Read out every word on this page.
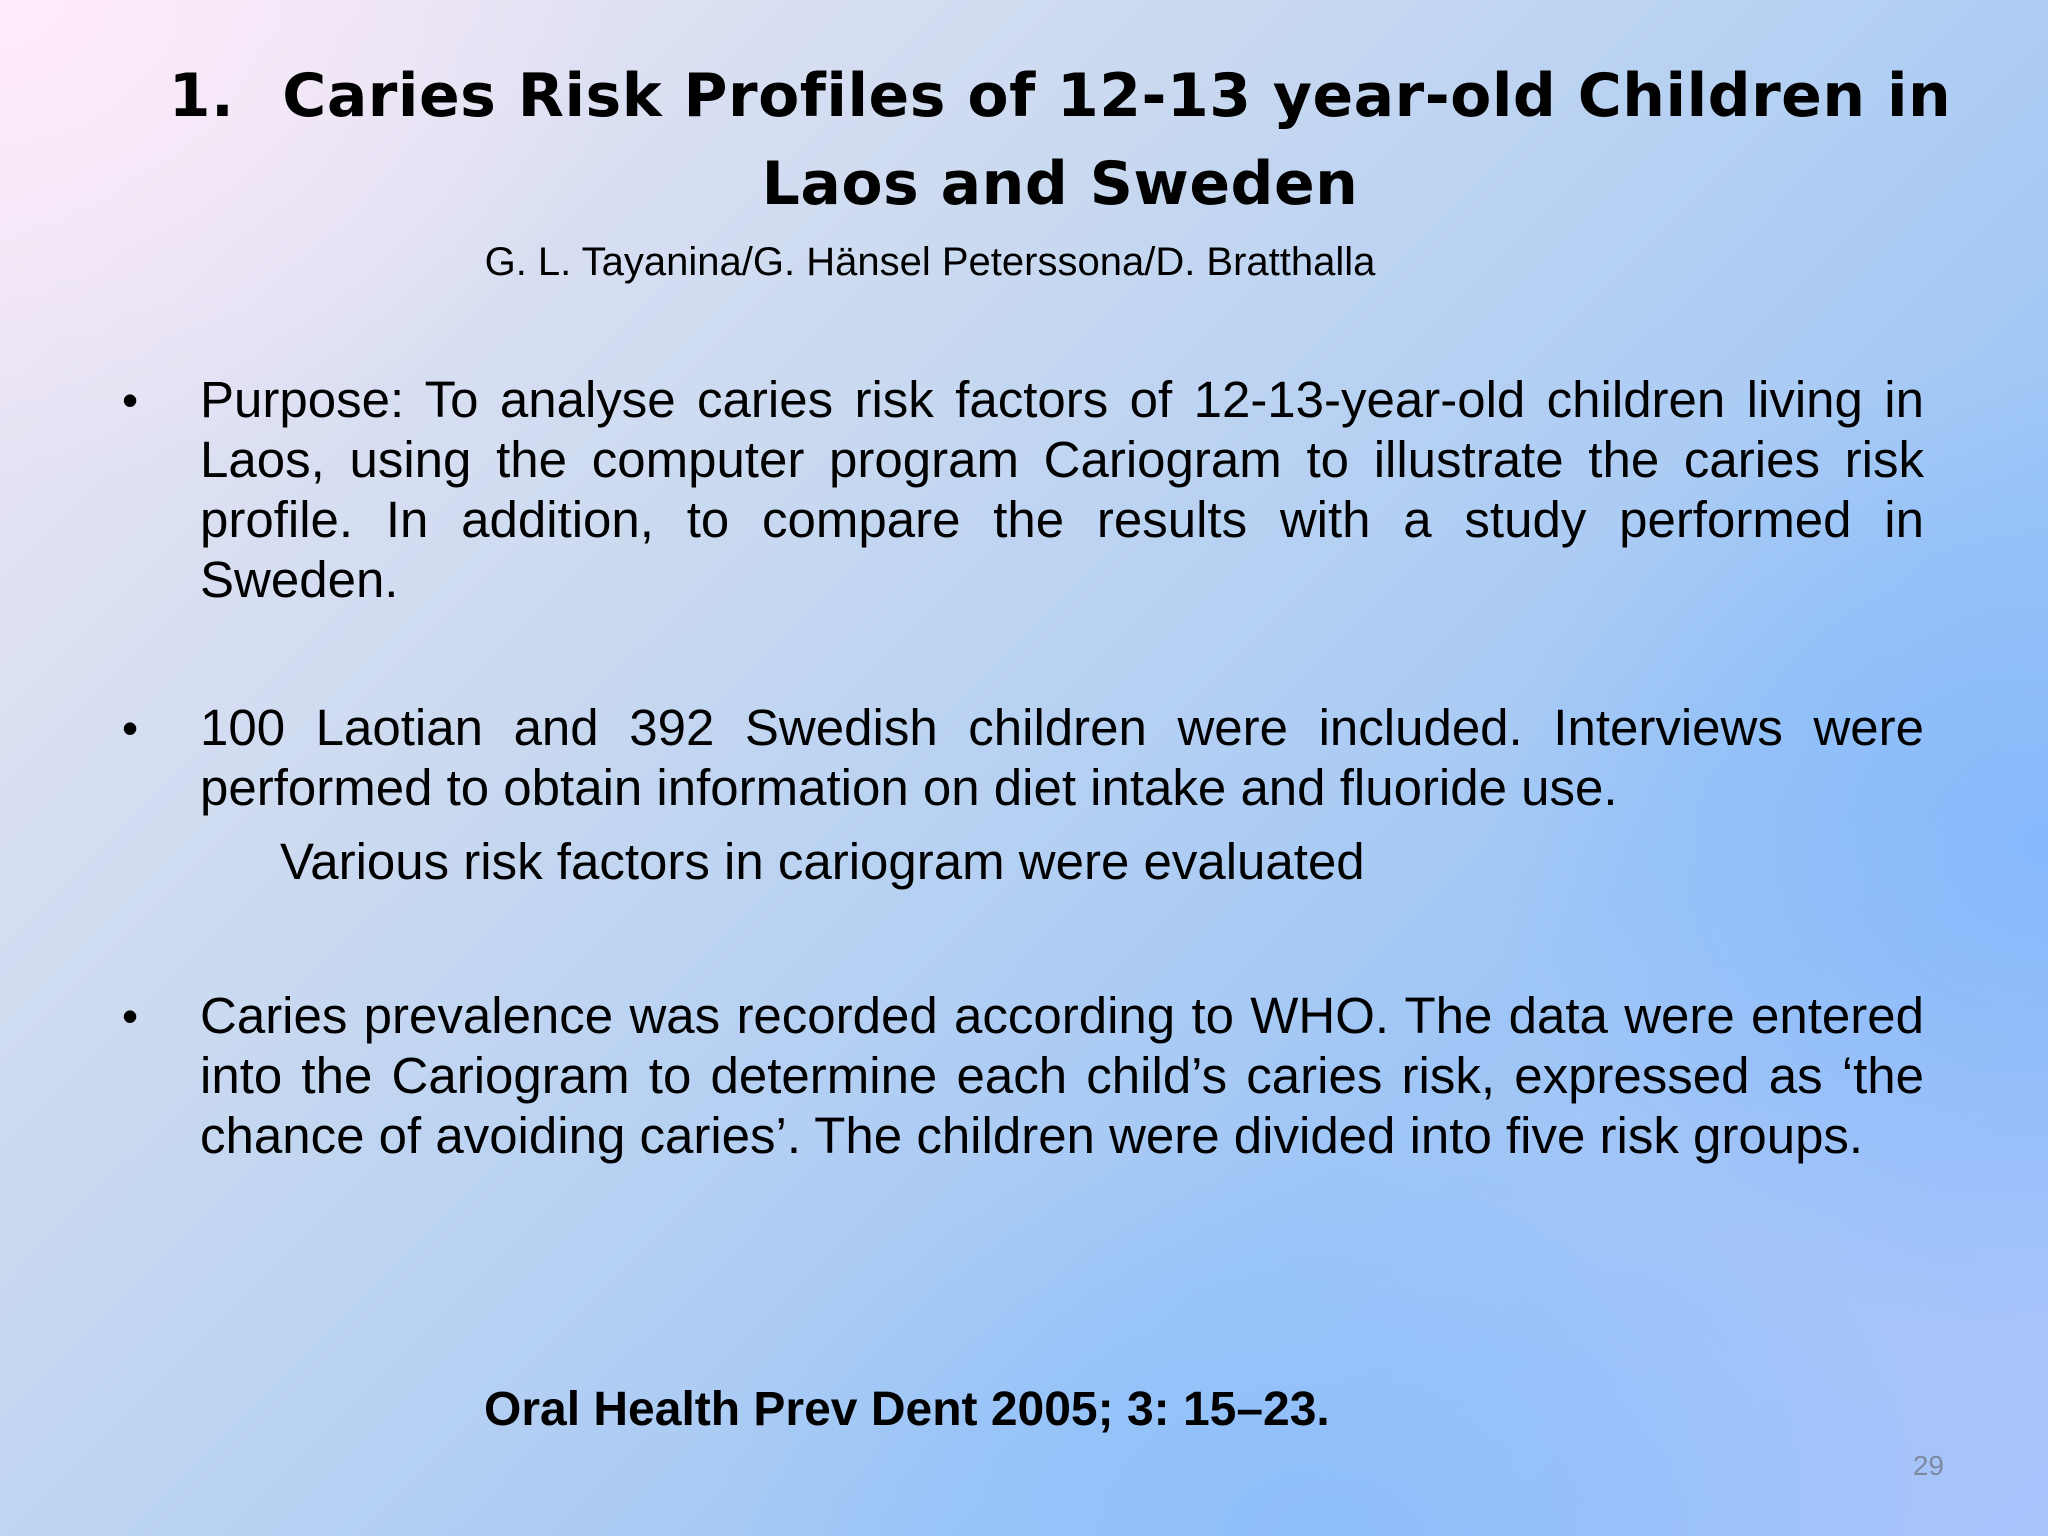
1. Caries Risk Profiles of 12-13 year-old Children in Laos and Sweden
G. L. Tayanina/G. Hänsel Peterssona/D. Bratthalla
• Purpose: To analyse caries risk factors of 12-13-year-old children living in Laos, using the computer program Cariogram to illustrate the caries risk profile. In addition, to compare the results with a study performed in Sweden.
• 100 Laotian and 392 Swedish children were included. Interviews were performed to obtain information on diet intake and fluoride use.
Various risk factors in cariogram were evaluated
• Caries prevalence was recorded according to WHO. The data were entered into the Cariogram to determine each child’s caries risk, expressed as ‘the chance of avoiding caries’. The children were divided into five risk groups.
Oral Health Prev Dent 2005; 3: 15–23.
29
